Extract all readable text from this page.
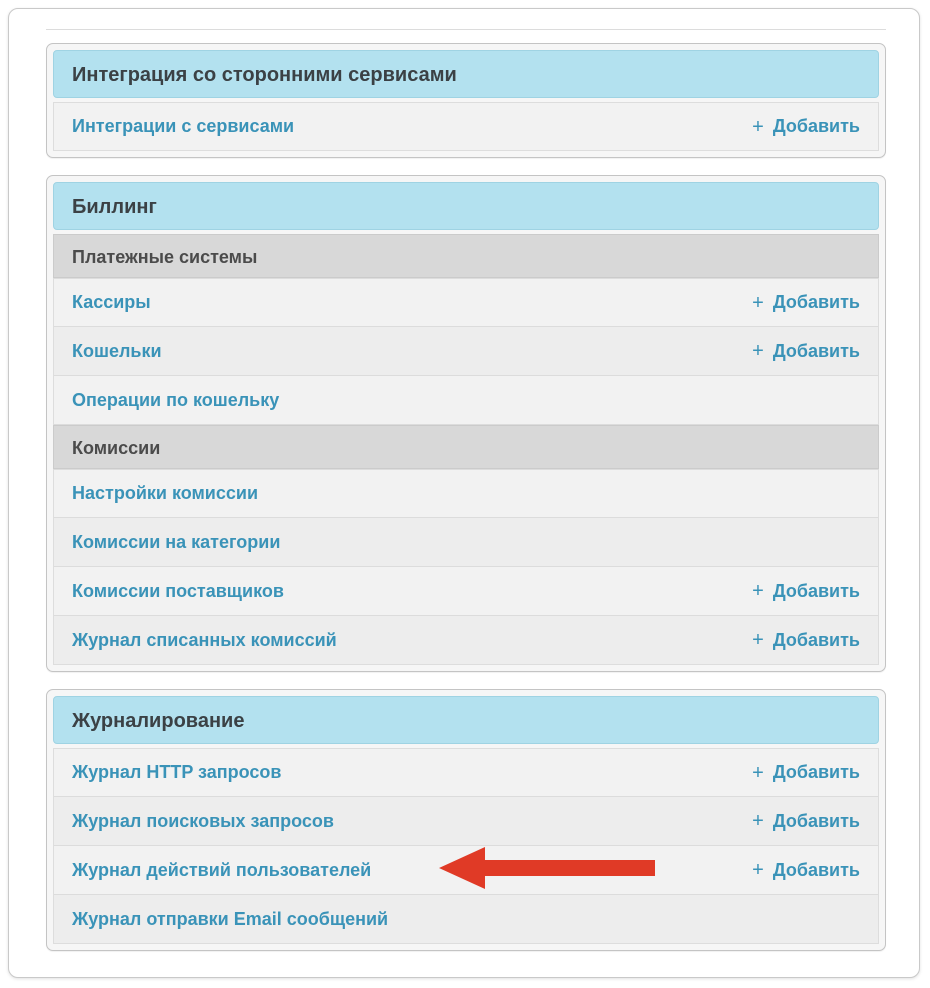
Интеграция со сторонними сервисами
Интеграции с сервисами	+ Добавить
Биллинг
Платежные системы
Кассиры	+ Добавить
Кошельки	+ Добавить
Операции по кошельку
Комиссии
Настройки комиссии
Комиссии на категории
Комиссии поставщиков	+ Добавить
Журнал списанных комиссий	+ Добавить
Журналирование
Журнал HTTP запросов	+ Добавить
Журнал поисковых запросов	+ Добавить
Журнал действий пользователей	+ Добавить
Журнал отправки Email сообщений
